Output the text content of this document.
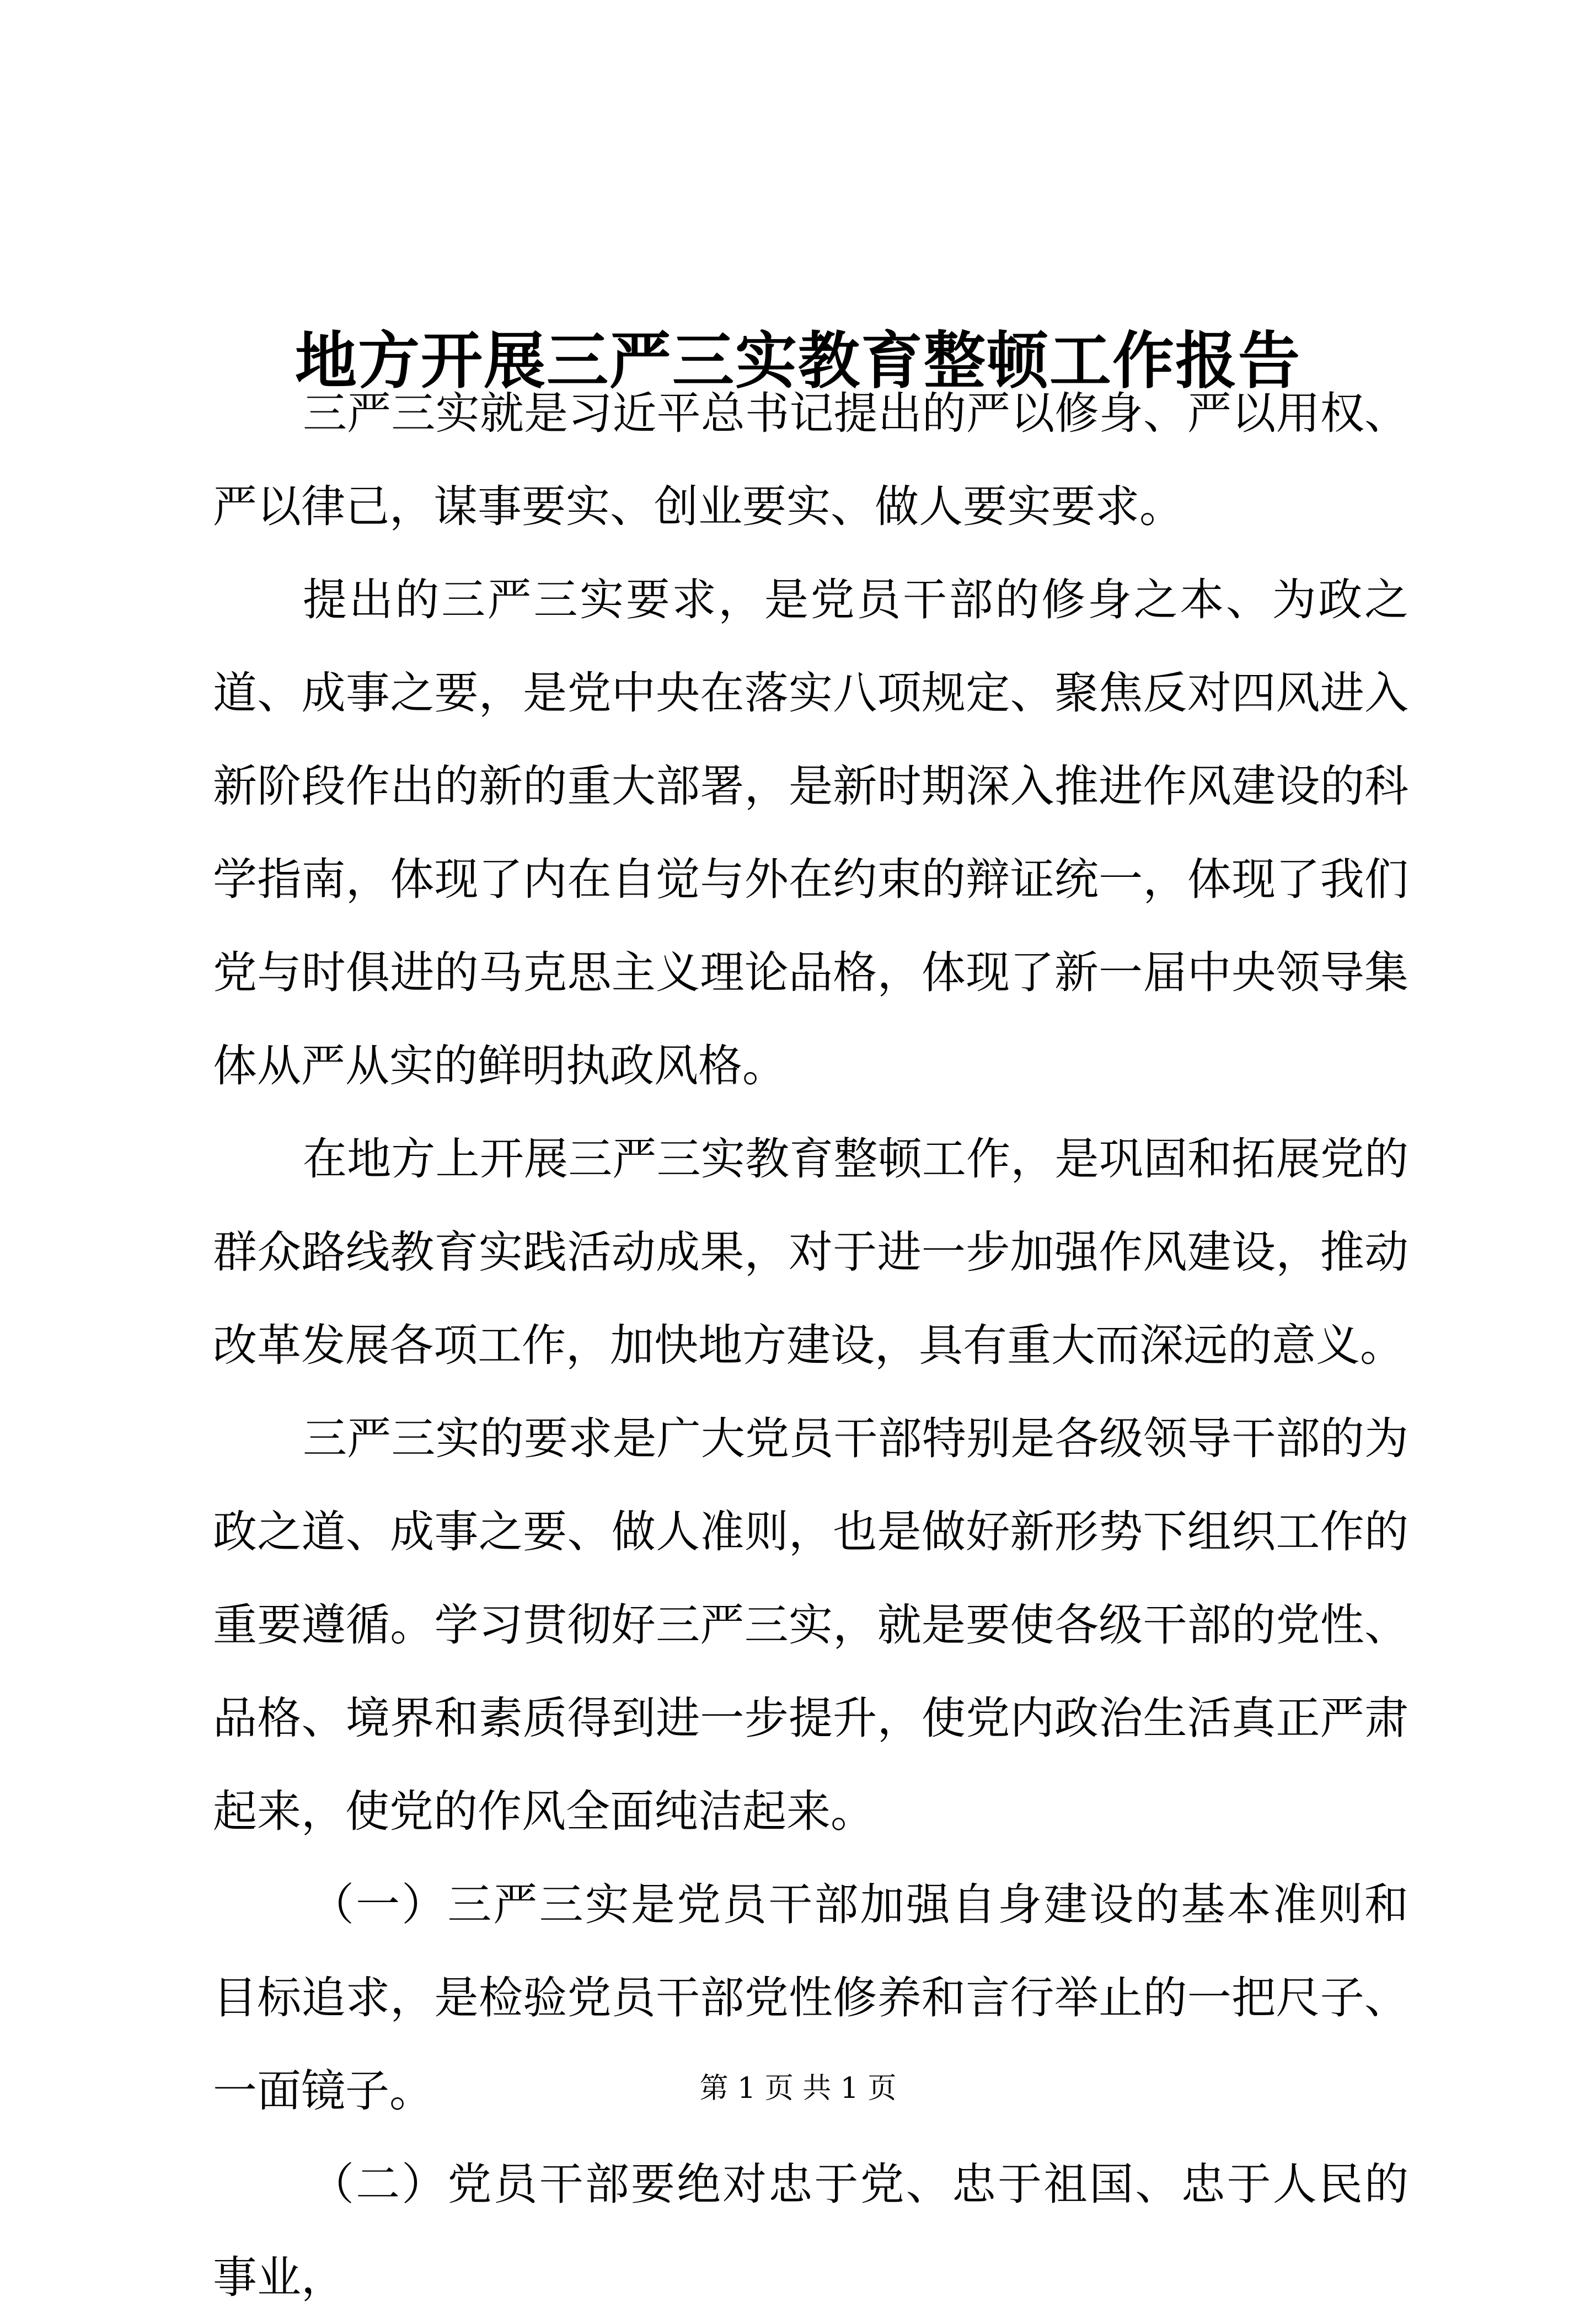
地方开展三严三实教育整顿工作报告

三严三实就是习近平总书记提出的严以修身、严以用权、严以律己，谋事要实、创业要实、做人要实要求。

提出的三严三实要求，是党员干部的修身之本、为政之道、成事之要，是党中央在落实八项规定、聚焦反对四风进入新阶段作出的新的重大部署，是新时期深入推进作风建设的科学指南，体现了内在自觉与外在约束的辩证统一，体现了我们党与时俱进的马克思主义理论品格，体现了新一届中央领导集体从严从实的鲜明执政风格。

在地方上开展三严三实教育整顿工作，是巩固和拓展党的群众路线教育实践活动成果，对于进一步加强作风建设，推动改革发展各项工作，加快地方建设，具有重大而深远的意义。

三严三实的要求是广大党员干部特别是各级领导干部的为政之道、成事之要、做人准则，也是做好新形势下组织工作的重要遵循。学习贯彻好三严三实，就是要使各级干部的党性、品格、境界和素质得到进一步提升，使党内政治生活真正严肃起来，使党的作风全面纯洁起来。

（一）三严三实是党员干部加强自身建设的基本准则和目标追求，是检验党员干部党性修养和言行举止的一把尺子、一面镜子。

（二）党员干部要绝对忠于党、忠于祖国、忠于人民的事业，

第 1 页 共 1 页
